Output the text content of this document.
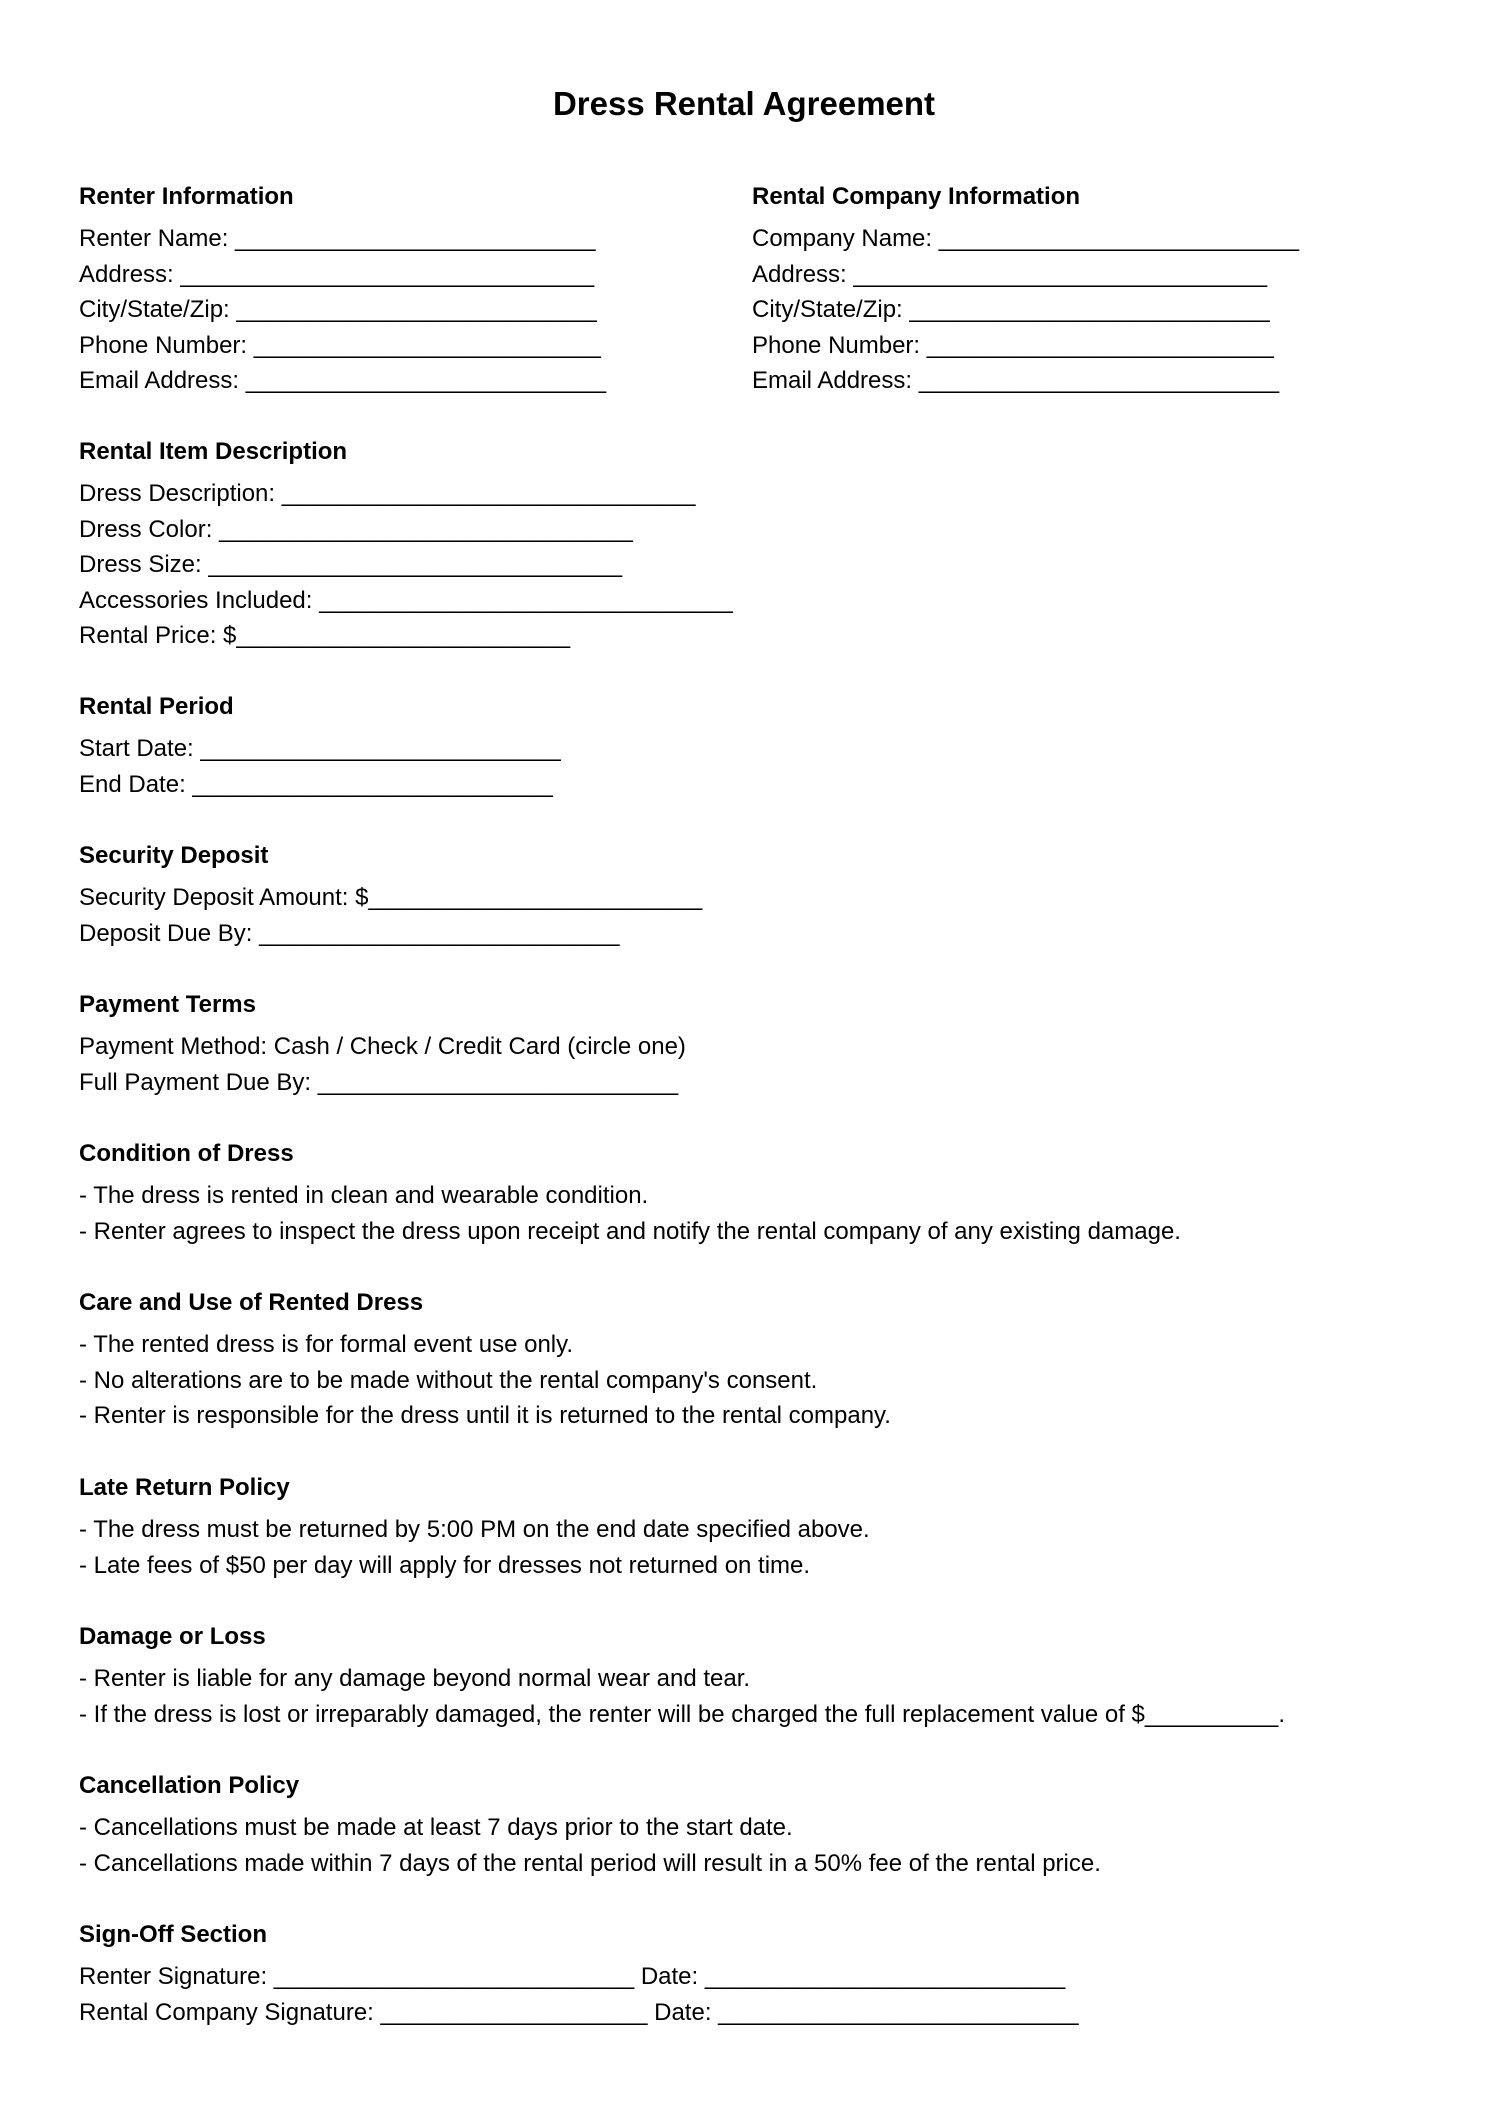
Dress Rental Agreement

Renter Information

Renter Name: ___________________________

Address: _______________________________

City/State/Zip: ___________________________

Phone Number: __________________________

Email Address: ___________________________

Rental Company Information

Company Name: ___________________________

Address: _______________________________

City/State/Zip: ___________________________

Phone Number: __________________________

Email Address: ___________________________

Rental Item Description

Dress Description: _______________________________

Dress Color: _______________________________

Dress Size: _______________________________

Accessories Included: _______________________________

Rental Price: $_________________________

Rental Period

Start Date: ___________________________

End Date: ___________________________

Security Deposit

Security Deposit Amount: $_________________________

Deposit Due By: ___________________________

Payment Terms

Payment Method: Cash / Check / Credit Card (circle one)

Full Payment Due By: ___________________________

Condition of Dress

- The dress is rented in clean and wearable condition.

- Renter agrees to inspect the dress upon receipt and notify the rental company of any existing damage.

Care and Use of Rented Dress

- The rented dress is for formal event use only.

- No alterations are to be made without the rental company's consent.

- Renter is responsible for the dress until it is returned to the rental company.

Late Return Policy

- The dress must be returned by 5:00 PM on the end date specified above.

- Late fees of $50 per day will apply for dresses not returned on time.

Damage or Loss

- Renter is liable for any damage beyond normal wear and tear.

- If the dress is lost or irreparably damaged, the renter will be charged the full replacement value of $__________.

Cancellation Policy

- Cancellations must be made at least 7 days prior to the start date.

- Cancellations made within 7 days of the rental period will result in a 50% fee of the rental price.

Sign-Off Section

Renter Signature: ___________________________ Date: ___________________________

Rental Company Signature: ____________________ Date: ___________________________
